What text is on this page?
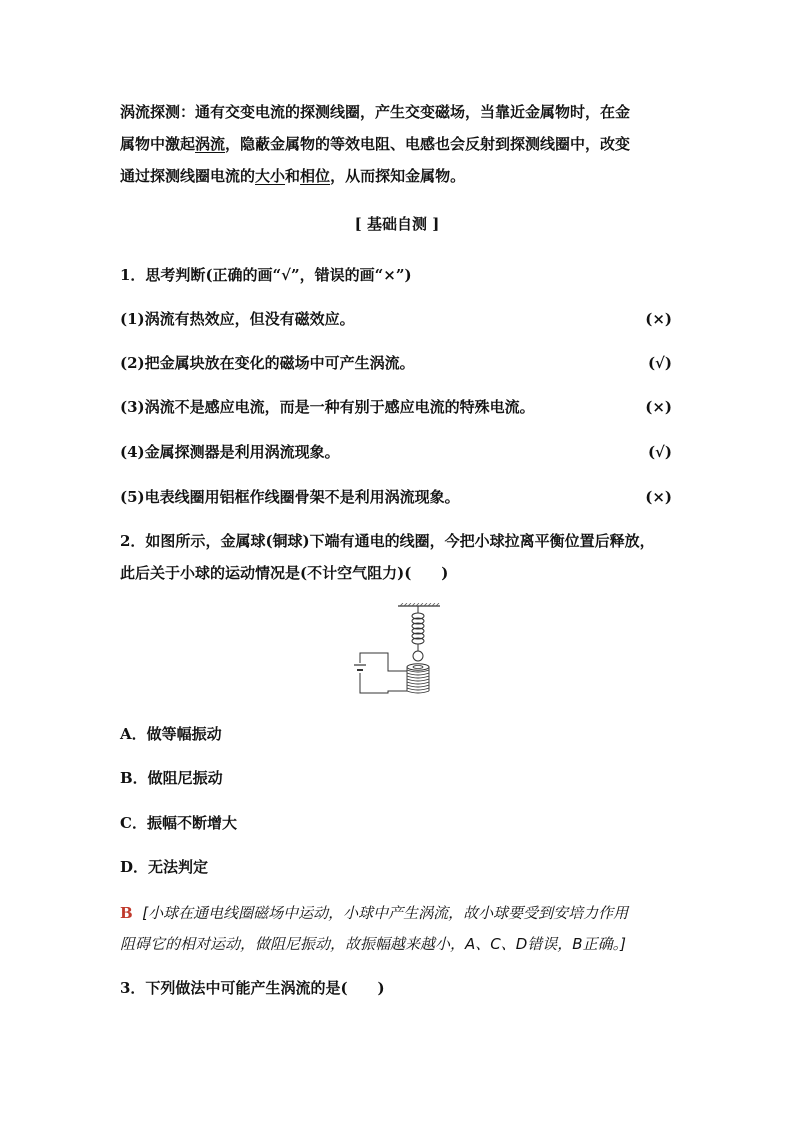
涡流探测：通有交变电流的探测线圈，产生交变磁场，当靠近金属物时，在金
属物中激起涡流，隐蔽金属物的等效电阻、电感也会反射到探测线圈中，改变
通过探测线圈电流的大小和相位，从而探知金属物。
[ 基础自测 ]
1．思考判断(正确的画“√”，错误的画“×”)
(1)涡流有热效应，但没有磁效应。	(×)
(2)把金属块放在变化的磁场中可产生涡流。	(√)
(3)涡流不是感应电流，而是一种有别于感应电流的特殊电流。	(×)
(4)金属探测器是利用涡流现象。	(√)
(5)电表线圈用铝框作线圈骨架不是利用涡流现象。	(×)
2．如图所示，金属球(铜球)下端有通电的线圈，今把小球拉离平衡位置后释放，
此后关于小球的运动情况是(不计空气阻力)(　　)
A．做等幅振动
B．做阻尼振动
C．振幅不断增大
D．无法判定
B [小球在通电线圈磁场中运动，小球中产生涡流，故小球要受到安培力作用
阻碍它的相对运动，做阻尼振动，故振幅越来越小，A、C、D错误，B正确。]
3．下列做法中可能产生涡流的是(　　)
